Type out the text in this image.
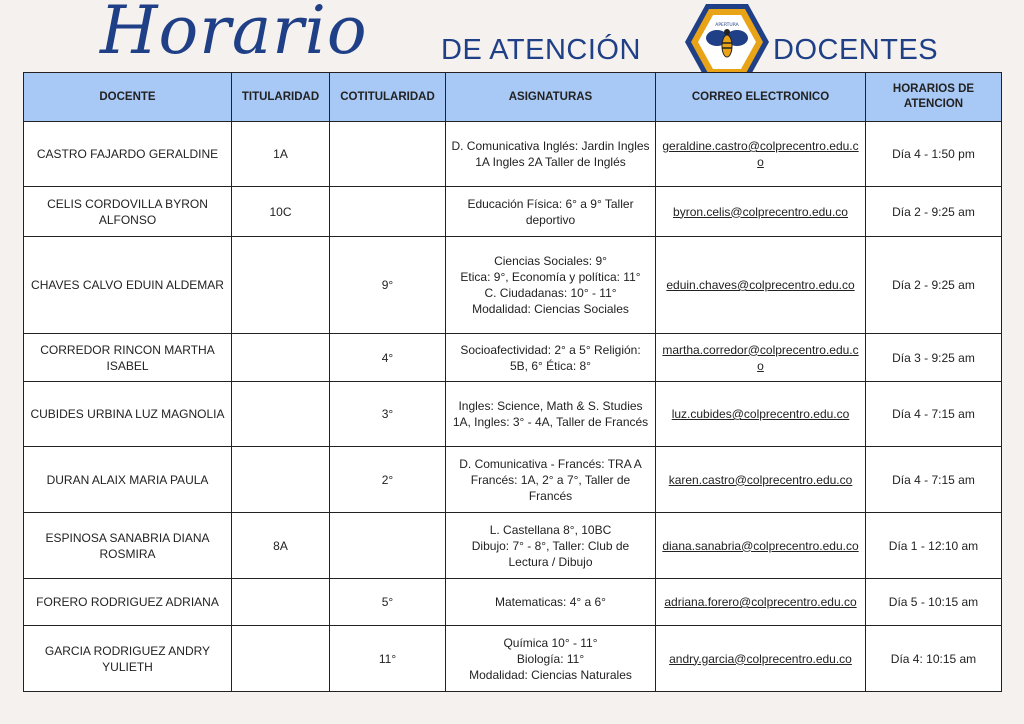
Horario	DE ATENCIÓN
APERTURA
DOCENTES
DOCENTE	TITULARIDAD	COTITULARIDAD	ASIGNATURAS	CORREO ELECTRONICO	HORARIOS DE ATENCION
CASTRO FAJARDO GERALDINE	1A		D. Comunicativa Inglés: Jardin Ingles 1A Ingles 2A Taller de Inglés	geraldine.castro@colprecentro.edu.co	Día 4 - 1:50 pm
CELIS CORDOVILLA BYRON ALFONSO	10C		Educación Física: 6° a 9° Taller deportivo	byron.celis@colprecentro.edu.co	Día 2 - 9:25 am
CHAVES CALVO EDUIN ALDEMAR		9°	Ciencias Sociales: 9°
Etica: 9°, Economía y política: 11°
C. Ciudadanas: 10° - 11°
Modalidad: Ciencias Sociales	eduin.chaves@colprecentro.edu.co	Día 2 - 9:25 am
CORREDOR RINCON MARTHA ISABEL		4°	Socioafectividad: 2° a 5° Religión: 5B, 6° Ética: 8°	martha.corredor@colprecentro.edu.co	Día 3 - 9:25 am
CUBIDES URBINA LUZ MAGNOLIA		3°	Ingles: Science, Math & S. Studies 1A, Ingles: 3° - 4A, Taller de Francés	luz.cubides@colprecentro.edu.co	Día 4 - 7:15 am
DURAN ALAIX MARIA PAULA		2°	D. Comunicativa - Francés: TRA A Francés: 1A, 2° a 7°, Taller de Francés	karen.castro@colprecentro.edu.co	Día 4 - 7:15 am
ESPINOSA SANABRIA DIANA ROSMIRA	8A		L. Castellana 8°, 10BC
Dibujo: 7° - 8°, Taller: Club de Lectura / Dibujo	diana.sanabria@colprecentro.edu.co	Día 1 - 12:10 am
FORERO RODRIGUEZ ADRIANA		5°	Matematicas: 4° a 6°	adriana.forero@colprecentro.edu.co	Día 5 - 10:15 am
GARCIA RODRIGUEZ ANDRY YULIETH		11°	Química 10° - 11°
Biología: 11°
Modalidad: Ciencias Naturales	andry.garcia@colprecentro.edu.co	Día 4: 10:15 am
